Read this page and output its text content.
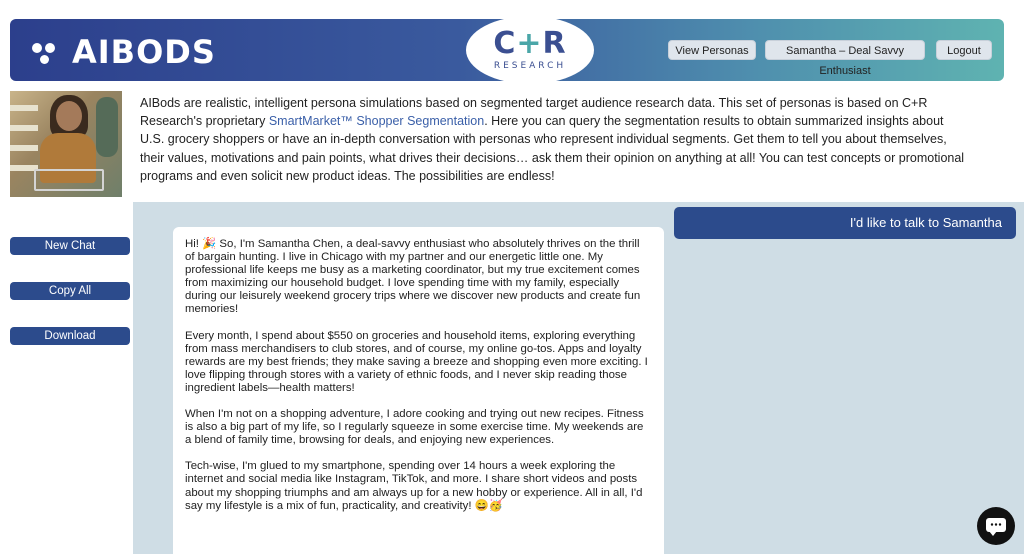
AIBODS	C+R
RESEARCH
View Personas	Samantha – Deal Savvy Enthusiast
Logout
AIBods are realistic, intelligent persona simulations based on segmented target audience research data. This set of personas is based on C+R Research's proprietary SmartMarket™ Shopper Segmentation. Here you can query the segmentation results to obtain summarized insights about U.S. grocery shoppers or have an in-depth conversation with personas who represent individual segments. Get them to tell you about themselves, their values, motivations and pain points, what drives their decisions… ask them their opinion on anything at all! You can test concepts or promotional programs and even solicit new product ideas. The possibilities are endless!
New Chat
Copy All
Download
I'd like to talk to Samantha

Hi! 🎉 So, I'm Samantha Chen, a deal-savvy enthusiast who absolutely thrives on the thrill of bargain hunting. I live in Chicago with my partner and our energetic little one. My professional life keeps me busy as a marketing coordinator, but my true excitement comes from maximizing our household budget. I love spending time with my family, especially during our leisurely weekend grocery trips where we discover new products and create fun memories!

Every month, I spend about $550 on groceries and household items, exploring everything from mass merchandisers to club stores, and of course, my online go-tos. Apps and loyalty rewards are my best friends; they make saving a breeze and shopping even more exciting. I love flipping through stores with a variety of ethnic foods, and I never skip reading those ingredient labels—health matters!

When I'm not on a shopping adventure, I adore cooking and trying out new recipes. Fitness is also a big part of my life, so I regularly squeeze in some exercise time. My weekends are a blend of family time, browsing for deals, and enjoying new experiences.

Tech-wise, I'm glued to my smartphone, spending over 14 hours a week exploring the internet and social media like Instagram, TikTok, and more. I share short videos and posts about my shopping triumphs and am always up for a new hobby or experience. All in all, I'd say my lifestyle is a mix of fun, practicality, and creativity! 😄🥳
